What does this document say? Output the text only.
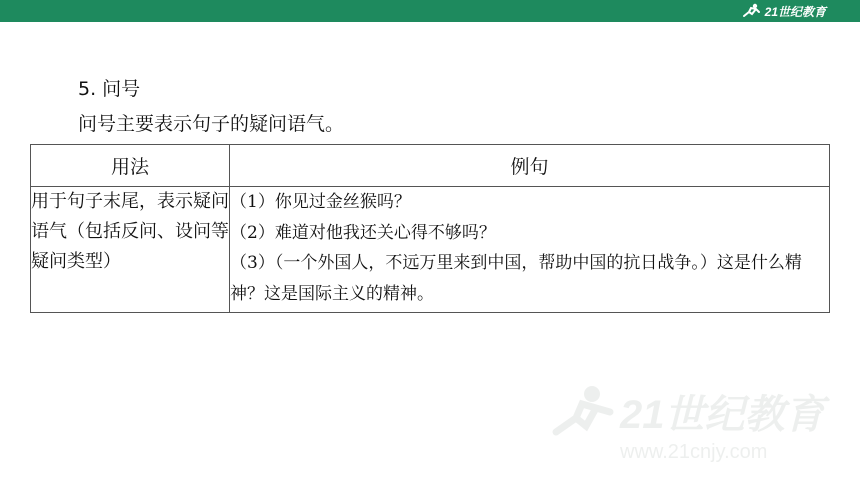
21世纪教育
5. 问号
问号主要表示句子的疑问语气。
用法	例句
用于句子末尾，表示疑问语气（包括反问、设问等疑问类型）	（1）你见过金丝猴吗？
（2）难道对他我还关心得不够吗？
（3）（一个外国人，不远万里来到中国，帮助中国的抗日战争。）这是什么精神？这是国际主义的精神。
21世纪教育
www.21cnjy.com
